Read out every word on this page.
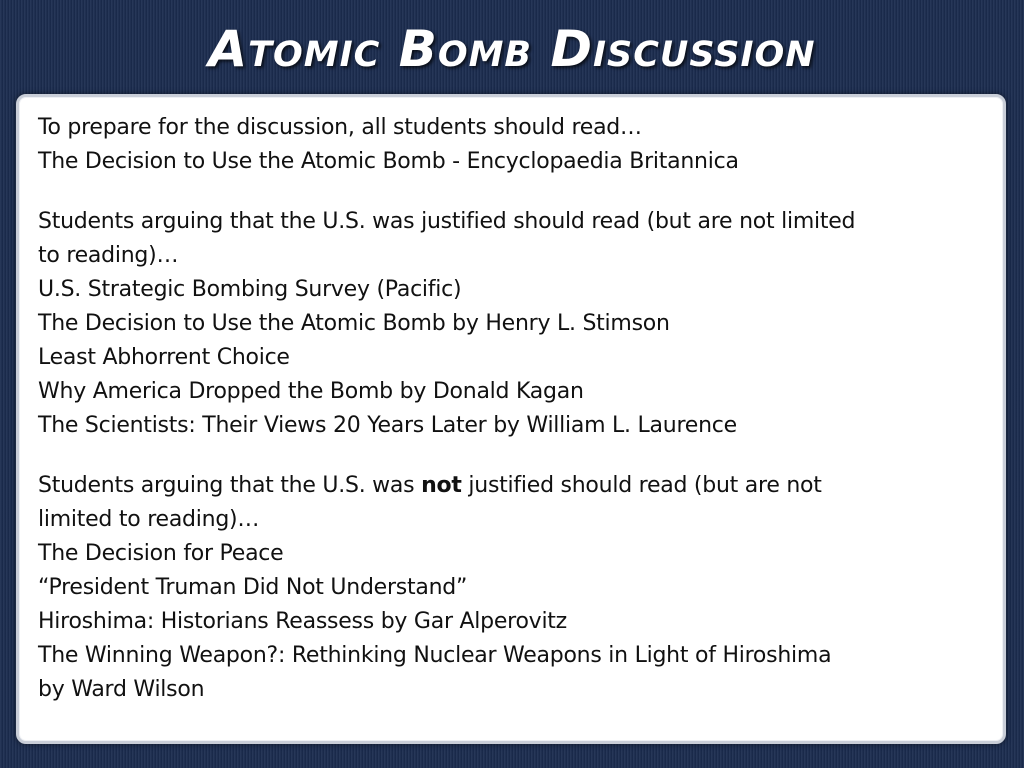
Atomic Bomb Discussion
To prepare for the discussion, all students should read…
The Decision to Use the Atomic Bomb - Encyclopaedia Britannica
Students arguing that the U.S. was justified should read (but are not limited
to reading)…
U.S. Strategic Bombing Survey (Pacific)
The Decision to Use the Atomic Bomb by Henry L. Stimson
Least Abhorrent Choice
Why America Dropped the Bomb by Donald Kagan
The Scientists: Their Views 20 Years Later by William L. Laurence
Students arguing that the U.S. was not justified should read (but are not
limited to reading)…
The Decision for Peace
“President Truman Did Not Understand”
Hiroshima: Historians Reassess by Gar Alperovitz
The Winning Weapon?: Rethinking Nuclear Weapons in Light of Hiroshima
by Ward Wilson
